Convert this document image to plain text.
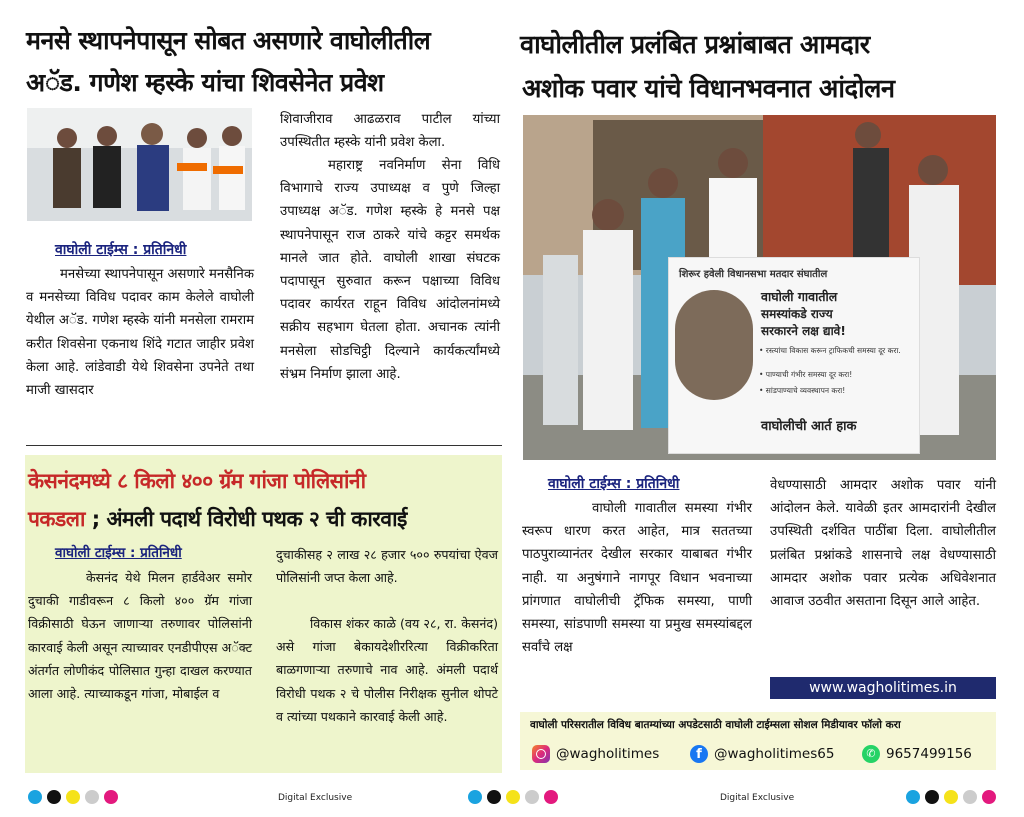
मनसे स्थापनेपासून सोबत असणारे वाघोलीतील
अॅड. गणेश म्हस्के यांचा शिवसेनेत प्रवेश
वाघोली टाईम्स : प्रतिनिधी
मनसेच्या स्थापनेपासून असणारे मनसैनिक व मनसेच्या विविध पदावर काम केलेले वाघोली येथील अॅड. गणेश म्हस्के यांनी मनसेला रामराम करीत शिवसेना एकनाथ शिंदे गटात जाहीर प्रवेश केला आहे. लांडेवाडी येथे शिवसेना उपनेते तथा माजी खासदार
शिवाजीराव आढळराव पाटील यांच्या उपस्थितीत म्हस्के यांनी प्रवेश केला.
महाराष्ट्र नवनिर्माण सेना विधि विभागाचे राज्य उपाध्यक्ष व पुणे जिल्हा उपाध्यक्ष अॅड. गणेश म्हस्के हे मनसे पक्ष स्थापनेपासून राज ठाकरे यांचे कट्टर समर्थक मानले जात होते. वाघोली शाखा संघटक पदापासून सुरुवात करून पक्षाच्या विविध पदावर कार्यरत राहून विविध आंदोलनांमध्ये सक्रीय सहभाग घेतला होता. अचानक त्यांनी मनसेला सोडचिट्ठी दिल्याने कार्यकर्त्यांमध्ये संभ्रम निर्माण झाला आहे.
केसनंदमध्ये ८ किलो ४०० ग्रॅम गांजा पोलिसांनी
पकडला ; अंमली पदार्थ विरोधी पथक २ ची कारवाई
वाघोली टाईम्स : प्रतिनिधी
केसनंद येथे मिलन हार्डवेअर समोर दुचाकी गाडीवरून ८ किलो ४०० ग्रॅम गांजा विक्रीसाठी घेऊन जाणाऱ्या तरुणावर पोलिसांनी कारवाई केली असून त्याच्यावर एनडीपीएस अॅक्ट अंतर्गत लोणीकंद पोलिसात गुन्हा दाखल करण्यात आला आहे. त्याच्याकडून गांजा, मोबाईल व
दुचाकीसह २ लाख २८ हजार ५०० रुपयांचा ऐवज पोलिसांनी जप्त केला आहे.
विकास शंकर काळे (वय २८, रा. केसनंद) असे गांजा बेकायदेशीररित्या विक्रीकरिता बाळगणाऱ्या तरुणाचे नाव आहे. अंमली पदार्थ विरोधी पथक २ चे पोलीस निरीक्षक सुनील थोपटे व त्यांच्या पथकाने कारवाई केली आहे.
वाघोलीतील प्रलंबित प्रश्नांबाबत आमदार
अशोक पवार यांचे विधानभवनात आंदोलन
शिरूर हवेली विधानसभा मतदार संघातील
वाघोली गावातील
समस्यांकडे राज्य
सरकारने लक्ष द्यावे!
• रस्त्यांचा विकास करून ट्राफिकची समस्या दूर करा.
• पाण्याची गंभीर समस्या दूर करा!
• सांडपाण्याचे व्यवस्थापन करा!
वाघोलीची आर्त हाक
वाघोली टाईम्स : प्रतिनिधी
वाघोली गावातील समस्या गंभीर स्वरूप धारण करत आहेत, मात्र सततच्या पाठपुराव्यानंतर देखील सरकार याबाबत गंभीर नाही. या अनुषंगाने नागपूर विधान भवनाच्या प्रांगणात वाघोलीची ट्रॅफिक समस्या, पाणी समस्या, सांडपाणी समस्या या प्रमुख समस्यांबद्दल सर्वांचे लक्ष
वेधण्यासाठी आमदार अशोक पवार यांनी आंदोलन केले. यावेळी इतर आमदारांनी देखील उपस्थिती दर्शवित पाठींबा दिला. वाघोलीतील प्रलंबित प्रश्नांकडे शासनाचे लक्ष वेधण्यासाठी आमदार अशोक पवार प्रत्येक अधिवेशनात आवाज उठवीत असताना दिसून आले आहेत.
www.wagholitimes.in
वाघोली परिसरातील विविध बातम्यांच्या अपडेटसाठी वाघोली टाईम्सला सोशल मिडीयावर फॉलो करा
@wagholitimes	f @wagholitimes65	✆ 9657499156
Digital Exclusive	Digital Exclusive
